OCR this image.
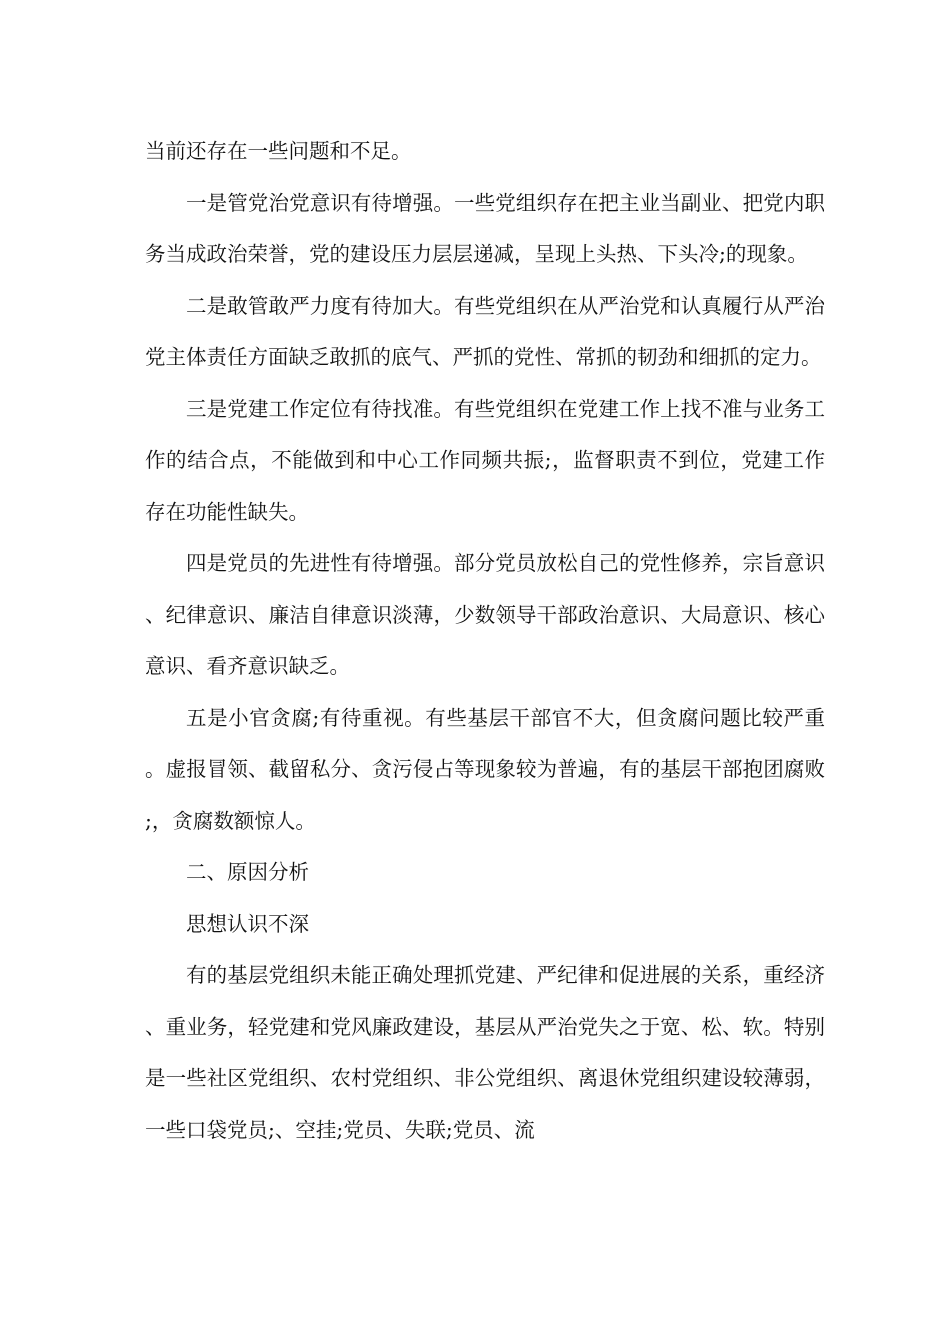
当前还存在一些问题和不足。

一是管党治党意识有待增强。一些党组织存在把主业当副业、把党内职务当成政治荣誉，党的建设压力层层递减，呈现上头热、下头冷;的现象。

二是敢管敢严力度有待加大。有些党组织在从严治党和认真履行从严治党主体责任方面缺乏敢抓的底气、严抓的党性、常抓的韧劲和细抓的定力。

三是党建工作定位有待找准。有些党组织在党建工作上找不准与业务工作的结合点，不能做到和中心工作同频共振;，监督职责不到位，党建工作存在功能性缺失。

四是党员的先进性有待增强。部分党员放松自己的党性修养，宗旨意识、纪律意识、廉洁自律意识淡薄，少数领导干部政治意识、大局意识、核心意识、看齐意识缺乏。

五是小官贪腐;有待重视。有些基层干部官不大，但贪腐问题比较严重。虚报冒领、截留私分、贪污侵占等现象较为普遍，有的基层干部抱团腐败;，贪腐数额惊人。

二、原因分析

思想认识不深

有的基层党组织未能正确处理抓党建、严纪律和促进展的关系，重经济、重业务，轻党建和党风廉政建设，基层从严治党失之于宽、松、软。特别是一些社区党组织、农村党组织、非公党组织、离退休党组织建设较薄弱，一些口袋党员;、空挂;党员、失联;党员、流
